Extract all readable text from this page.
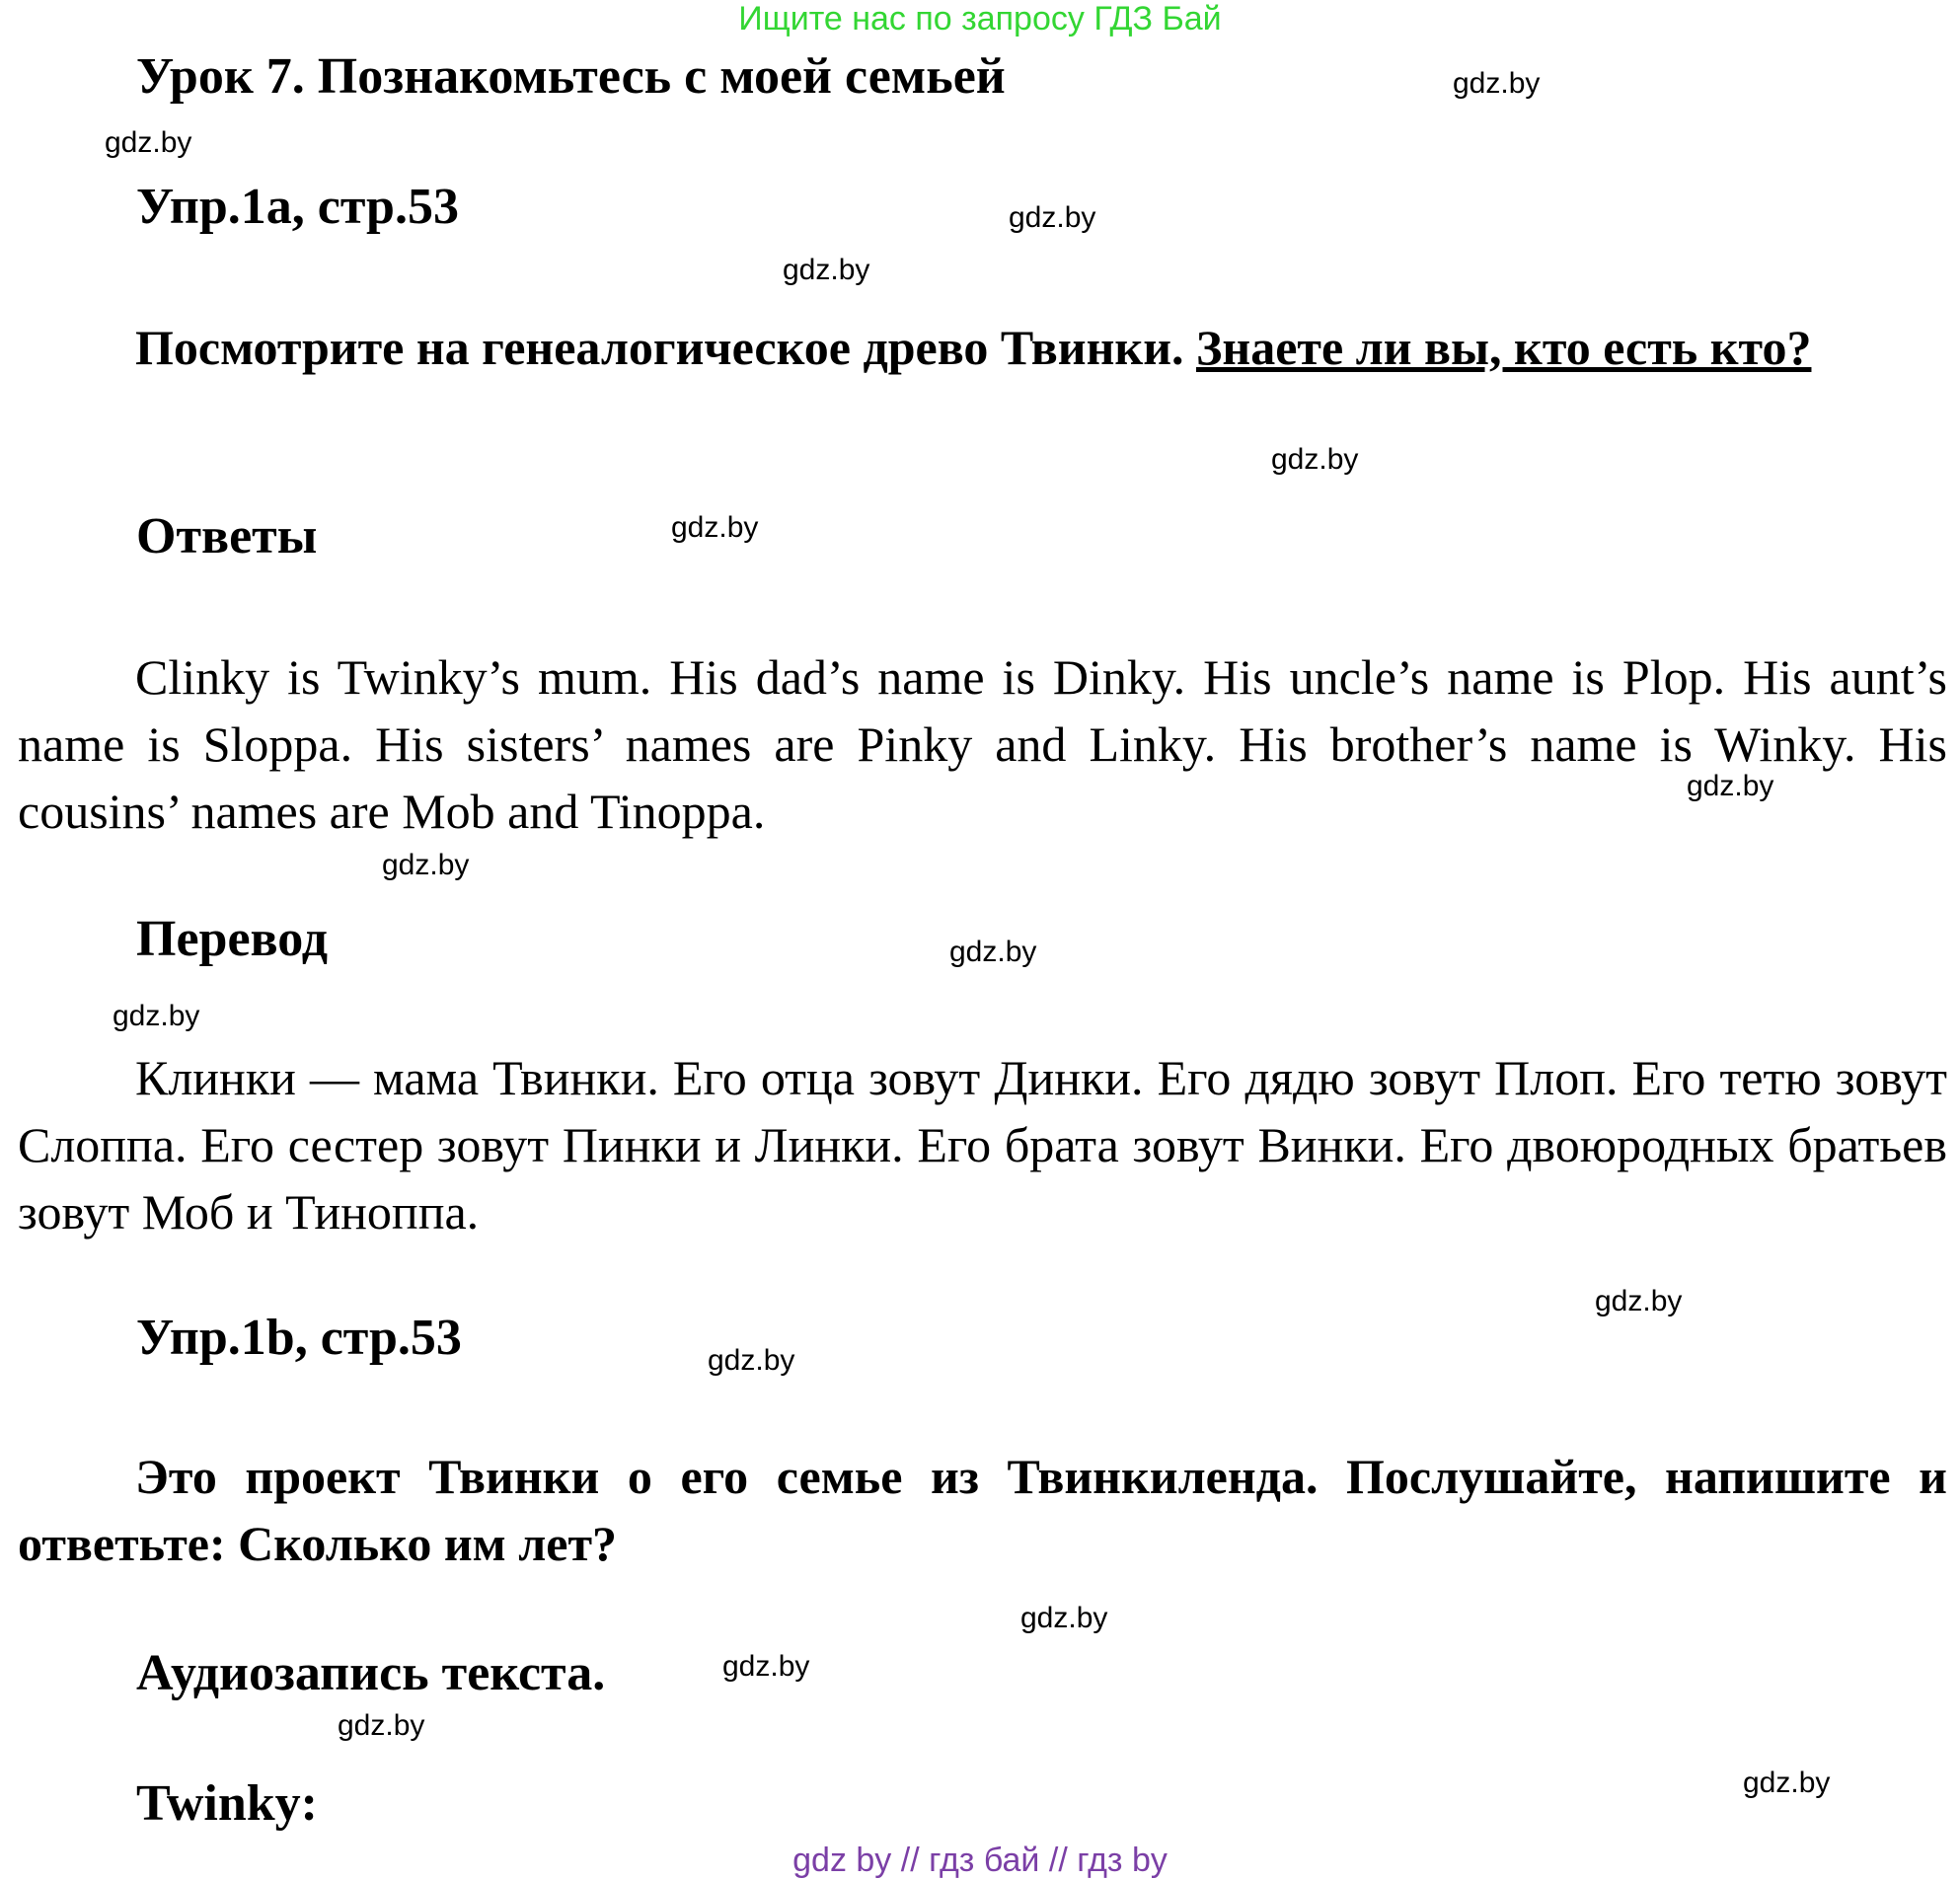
Ищите нас по запросу ГДЗ Бай
Урок 7. Познакомьтесь с моей семьей
Упр.1a, стр.53
Посмотрите на генеалогическое древо Твинки. Знаете ли вы, кто есть кто?
Ответы
Clinky is Twinky’s mum. His dad’s name is Dinky. His uncle’s name is Plop. His aunt’s name is Sloppa. His sisters’ names are Pinky and Linky. His brother’s name is Winky. His cousins’ names are Mob and Tinoppa.
Перевод
Клинки — мама Твинки. Его отца зовут Динки. Его дядю зовут Плоп. Его тетю зовут Слоппа. Его сестер зовут Пинки и Линки. Его брата зовут Винки. Его двоюродных братьев зовут Моб и Тиноппа.
Упр.1b, стр.53
Это проект Твинки о его семье из Твинкиленда. Послушайте, напишите и ответьте: Сколько им лет?
Аудиозапись текста.
Twinky:
gdz.by
gdz.by
gdz.by
gdz.by
gdz.by
gdz.by
gdz.by
gdz.by
gdz.by
gdz.by
gdz.by
gdz.by
gdz.by
gdz.by
gdz.by
gdz.by
gdz by // гдз бай // гдз by
